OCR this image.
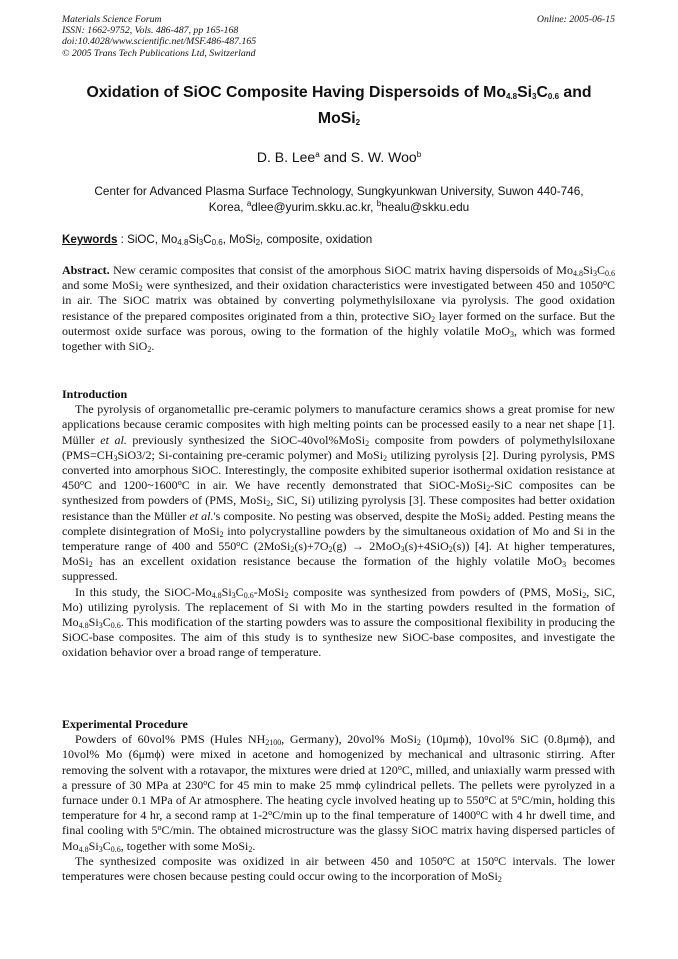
Materials Science Forum
ISSN: 1662-9752, Vols. 486-487, pp 165-168
doi:10.4028/www.scientific.net/MSF.486-487.165
© 2005 Trans Tech Publications Ltd, Switzerland
Online: 2005-06-15
Oxidation of SiOC Composite Having Dispersoids of $Mo_{4.8}Si_3C_{0.6}$ and
MoSi$_2$
D. B. Lee$^a$ and S. W. Woo$^b$
Center for Advanced Plasma Surface Technology, Sungkyunkwan University, Suwon 440-746,
Korea, $^a$dlee@yurim.skku.ac.kr, $^b$healu@skku.edu
Keywords : SiOC, $Mo_{4.8}Si_3C_{0.6}$, MoSi$_2$, composite, oxidation

Abstract. New ceramic composites that consist of the amorphous SiOC matrix having dispersoids of $Mo_{4.8}Si_3C_{0.6}$ and some MoSi$_2$ were synthesized, and their oxidation characteristics were investigated between 450 and 1050$^o$C in air. The SiOC matrix was obtained by converting polymethylsiloxane via pyrolysis. The good oxidation resistance of the prepared composites originated from a thin, protective SiO$_2$ layer formed on the surface. But the outermost oxide surface was porous, owing to the formation of the highly volatile MoO$_3$, which was formed together with SiO$_2$.

Introduction

The pyrolysis of organometallic pre-ceramic polymers to manufacture ceramics shows a great promise for new applications because ceramic composites with high melting points can be processed easily to a near net shape [1]. Müller et al. previously synthesized the SiOC-40vol%MoSi$_2$ composite from powders of polymethylsiloxane ($PMS=CH_3SiO3/2$; Si-containing pre-ceramic polymer) and MoSi$_2$ utilizing pyrolysis [2]. During pyrolysis, PMS converted into amorphous SiOC. Interestingly, the composite exhibited superior isothermal oxidation resistance at 450$^o$C and 1200~1600$^o$C in air. We have recently demonstrated that SiOC-MoSi$_2$-SiC composites can be synthesized from powders of (PMS, MoSi$_2$, SiC, Si) utilizing pyrolysis [3]. These composites had better oxidation resistance than the Müller et al.'s composite. No pesting was observed, despite the MoSi$_2$ added. Pesting means the complete disintegration of MoSi$_2$ into polycrystalline powders by the simultaneous oxidation of Mo and Si in the temperature range of 400 and 550$^o$C $(2MoSi_2(s)+7O_2(g) \to 2MoO_3(s)+4SiO_2(s))$ [4]. At higher temperatures, MoSi$_2$ has an excellent oxidation resistance because the formation of the highly volatile MoO$_3$ becomes suppressed.

In this study, the SiOC-$Mo_{4.8}Si_3C_{0.6}-MoSi_2$ composite was synthesized from powders of (PMS, MoSi$_2$, SiC, Mo) utilizing pyrolysis. The replacement of Si with Mo in the starting powders resulted in the formation of $Mo_{4.8}Si_3C_{0.6}$. This modification of the starting powders was to assure the compositional flexibility in producing the SiOC-base composites. The aim of this study is to synthesize new SiOC-base composites, and investigate the oxidation behavior over a broad range of temperature.

Experimental Procedure

Powders of 60vol% PMS (Hules $NH_{2100}$, Germany), 20vol% MoSi$_2$ (10μmϕ), 10vol% SiC (0.8μmϕ), and 10vol% Mo (6μmϕ) were mixed in acetone and homogenized by mechanical and ultrasonic stirring. After removing the solvent with a rotavapor, the mixtures were dried at 120$^o$C, milled, and uniaxially warm pressed with a pressure of 30 MPa at 230$^o$C for 45 min to make 25 mmϕ cylindrical pellets. The pellets were pyrolyzed in a furnace under 0.1 MPa of Ar atmosphere. The heating cycle involved heating up to 550$^o$C at 5$^o$C/min, holding this temperature for 4 hr, a second ramp at 1-2$^o$C/min up to the final temperature of 1400$^o$C with 4 hr dwell time, and final cooling with 5$^o$C/min. The obtained microstructure was the glassy SiOC matrix having dispersed particles of $Mo_{4.8}Si_3C_{0.6}$, together with some MoSi$_2$.

The synthesized composite was oxidized in air between 450 and 1050$^o$C at 150$^o$C intervals. The lower temperatures were chosen because pesting could occur owing to the incorporation of MoSi$_2$
